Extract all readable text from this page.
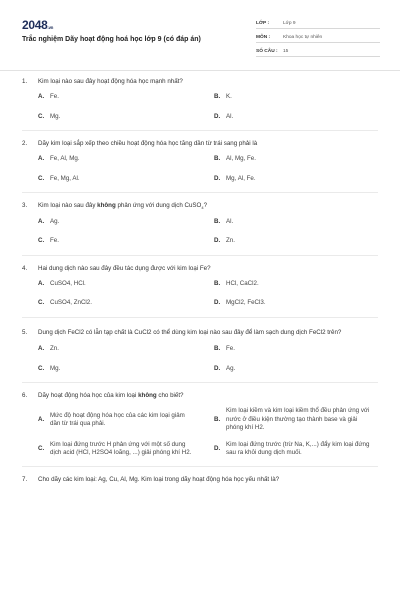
2048.vn
Trắc nghiệm Dãy hoạt động hoá học lớp 9 (có đáp án)
LỚP :	Lớp 9
MÔN :	Khoa học tự nhiên
SỐ CÂU :	15
1.	Kim loại nào sau đây hoạt động hóa học mạnh nhất?
A. Fe.	B. K.
C. Mg.	D. Al.
2.	Dãy kim loại sắp xếp theo chiều hoạt động hóa học tăng dần từ trái sang phải là
A. Fe, Al, Mg.	B. Al, Mg, Fe.
C. Fe, Mg, Al.	D. Mg, Al, Fe.
3.	Kim loại nào sau đây không phản ứng với dung dịch CuSO$_4$?
A. Ag.	B. Al.
C. Fe.	D. Zn.
4.	Hai dung dịch nào sau đây đều tác dụng được với kim loại Fe?
A. CuSO4, HCl.	B. HCl, CaCl2.
C. CuSO4, ZnCl2.	D. MgCl2, FeCl3.
5.	Dung dịch FeCl2 có lẫn tạp chất là CuCl2 có thể dùng kim loại nào sau đây để làm sạch dung dịch FeCl2 trên?
A. Zn.	B. Fe.
C. Mg.	D. Ag.
6.	Dãy hoạt động hóa học của kim loại không cho biết?
A.
Mức độ hoạt động hóa học của các kim loại giảm dần từ trái qua phải.
B.
Kim loại kiềm và kim loại kiềm thổ đều phản ứng với nước ở điều kiện thường tạo thành base và giải phóng khí H2.
C.
Kim loại đứng trước H phản ứng với một số dung dịch acid (HCl, H2SO4 loãng, ...) giải phóng khí H2.
D.
Kim loại đứng trước (trừ Na, K,...) đẩy kim loại đứng sau ra khỏi dung dịch muối.
7.	Cho dãy các kim loại: Ag, Cu, Al, Mg. Kim loại trong dãy hoạt động hóa học yếu nhất là?
